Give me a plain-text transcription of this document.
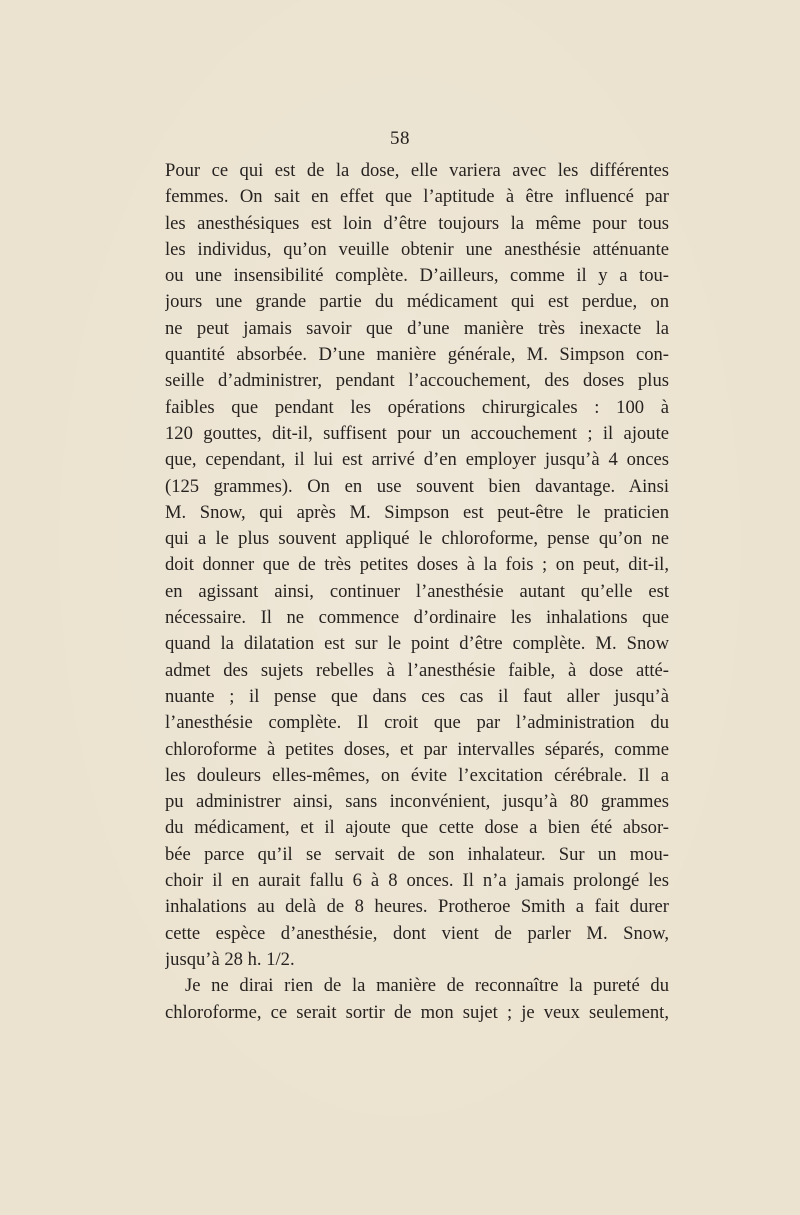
58
Pour ce qui est de la dose, elle variera avec les différentes
femmes. On sait en effet que l’aptitude à être influencé par
les anesthésiques est loin d’être toujours la même pour tous
les individus, qu’on veuille obtenir une anesthésie atténuante
ou une insensibilité complète. D’ailleurs, comme il y a tou-
jours une grande partie du médicament qui est perdue, on
ne peut jamais savoir que d’une manière très inexacte la
quantité absorbée. D’une manière générale, M. Simpson con-
seille d’administrer, pendant l’accouchement, des doses plus
faibles que pendant les opérations chirurgicales : 100 à
120 gouttes, dit-il, suffisent pour un accouchement ; il ajoute
que, cependant, il lui est arrivé d’en employer jusqu’à 4 onces
(125 grammes). On en use souvent bien davantage. Ainsi
M. Snow, qui après M. Simpson est peut-être le praticien
qui a le plus souvent appliqué le chloroforme, pense qu’on ne
doit donner que de très petites doses à la fois ; on peut, dit-il,
en agissant ainsi, continuer l’anesthésie autant qu’elle est
nécessaire. Il ne commence d’ordinaire les inhalations que
quand la dilatation est sur le point d’être complète. M. Snow
admet des sujets rebelles à l’anesthésie faible, à dose atté-
nuante ; il pense que dans ces cas il faut aller jusqu’à
l’anesthésie complète. Il croit que par l’administration du
chloroforme à petites doses, et par intervalles séparés, comme
les douleurs elles-mêmes, on évite l’excitation cérébrale. Il a
pu administrer ainsi, sans inconvénient, jusqu’à 80 grammes
du médicament, et il ajoute que cette dose a bien été absor-
bée parce qu’il se servait de son inhalateur. Sur un mou-
choir il en aurait fallu 6 à 8 onces. Il n’a jamais prolongé les
inhalations au delà de 8 heures. Protheroe Smith a fait durer
cette espèce d’anesthésie, dont vient de parler M. Snow,
jusqu’à 28 h. 1/2.
Je ne dirai rien de la manière de reconnaître la pureté du
chloroforme, ce serait sortir de mon sujet ; je veux seulement,
